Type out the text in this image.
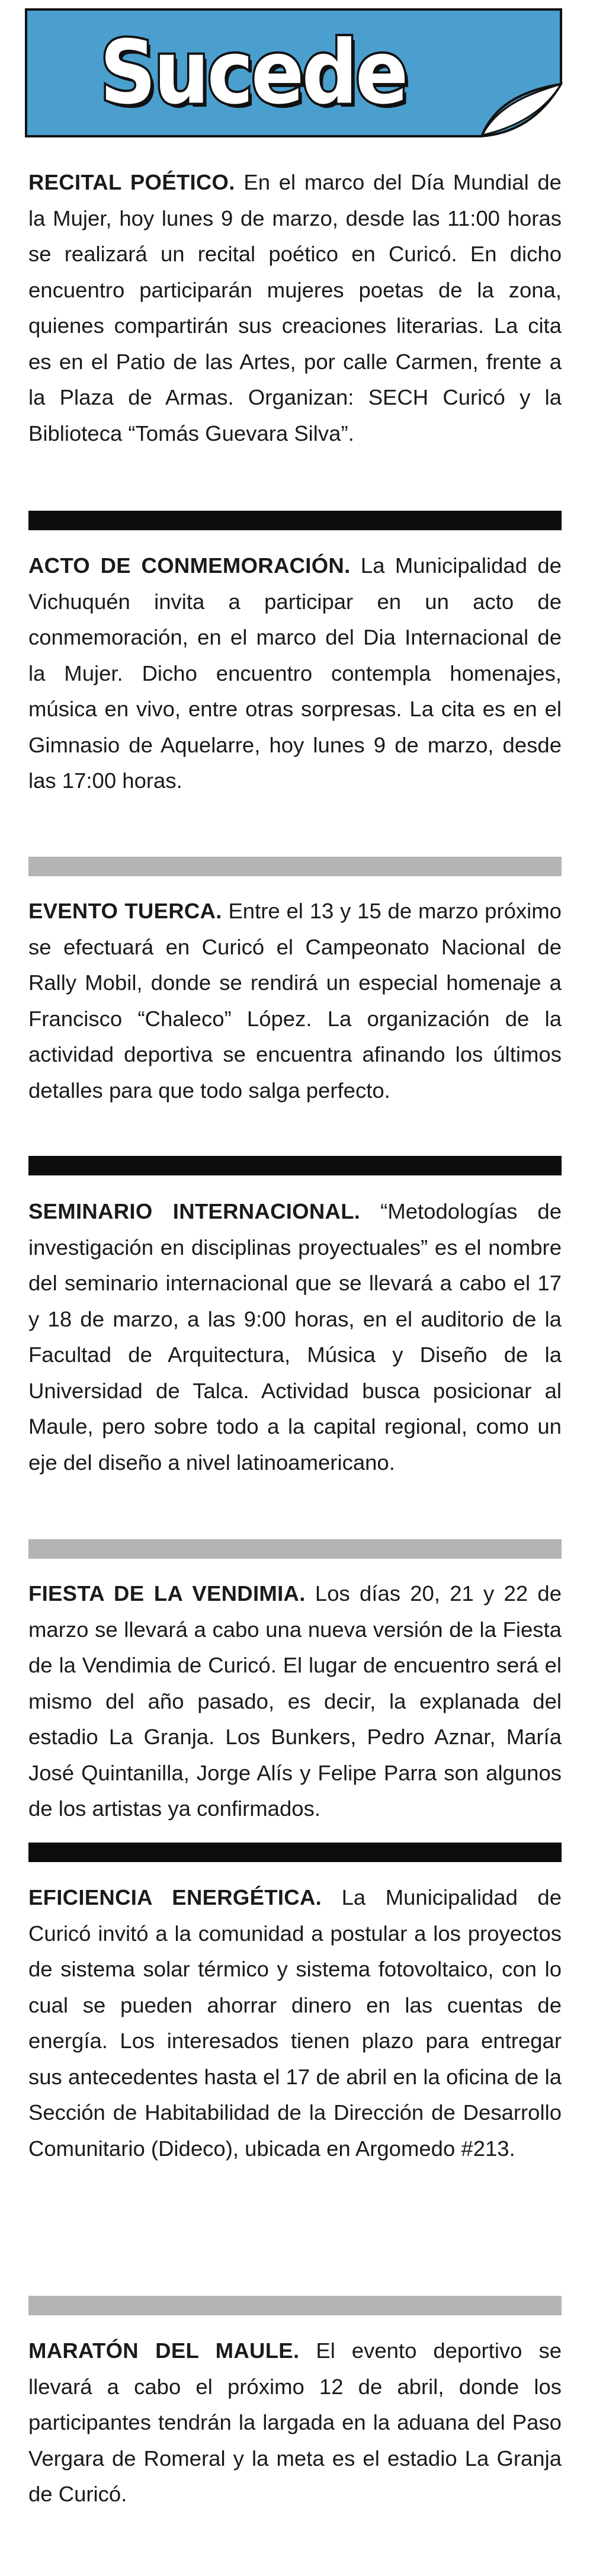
Sucede

RECITAL POÉTICO. En el marco del Día Mundial de la Mujer, hoy lunes 9 de marzo, desde las 11:00 horas se realizará un recital poético en Curicó. En dicho encuentro participarán mujeres poetas de la zona, quienes compartirán sus creaciones literarias. La cita es en el Patio de las Artes, por calle Carmen, frente a la Plaza de Armas. Organizan: SECH Curicó y la Biblioteca “Tomás Guevara Silva”.

ACTO DE CONMEMORACIÓN. La Municipalidad de Vichuquén invita a participar en un acto de conmemoración, en el marco del Dia Internacional de la Mujer. Dicho encuentro contempla homenajes, música en vivo, entre otras sorpresas. La cita es en el Gimnasio de Aquelarre, hoy lunes 9 de marzo, desde las 17:00 horas.

EVENTO TUERCA. Entre el 13 y 15 de marzo próximo se efectuará en Curicó el Campeonato Nacional de Rally Mobil, donde se rendirá un especial homenaje a Francisco “Chaleco” López. La organización de la actividad deportiva se encuentra afinando los últimos detalles para que todo salga perfecto.

SEMINARIO INTERNACIONAL. “Metodologías de investigación en disciplinas proyectuales” es el nombre del seminario internacional que se llevará a cabo el 17 y 18 de marzo, a las 9:00 horas, en el auditorio de la Facultad de Arquitectura, Música y Diseño de la Universidad de Talca. Actividad busca posicionar al Maule, pero sobre todo a la capital regional, como un eje del diseño a nivel latinoamericano.

FIESTA DE LA VENDIMIA. Los días 20, 21 y 22 de marzo se llevará a cabo una nueva versión de la Fiesta de la Vendimia de Curicó. El lugar de encuentro será el mismo del año pasado, es decir, la explanada del estadio La Granja. Los Bunkers, Pedro Aznar, María José Quintanilla, Jorge Alís y Felipe Parra son algunos de los artistas ya confirmados.

EFICIENCIA ENERGÉTICA. La Municipalidad de Curicó invitó a la comunidad a postular a los proyectos de sistema solar térmico y sistema fotovoltaico, con lo cual se pueden ahorrar dinero en las cuentas de energía. Los interesados tienen plazo para entregar sus antecedentes hasta el 17 de abril en la oficina de la Sección de Habitabilidad de la Dirección de Desarrollo Comunitario (Dideco), ubicada en Argomedo #213.

MARATÓN DEL MAULE. El evento deportivo se llevará a cabo el próximo 12 de abril, donde los participantes tendrán la largada en la aduana del Paso Vergara de Romeral y la meta es el estadio La Granja de Curicó.
